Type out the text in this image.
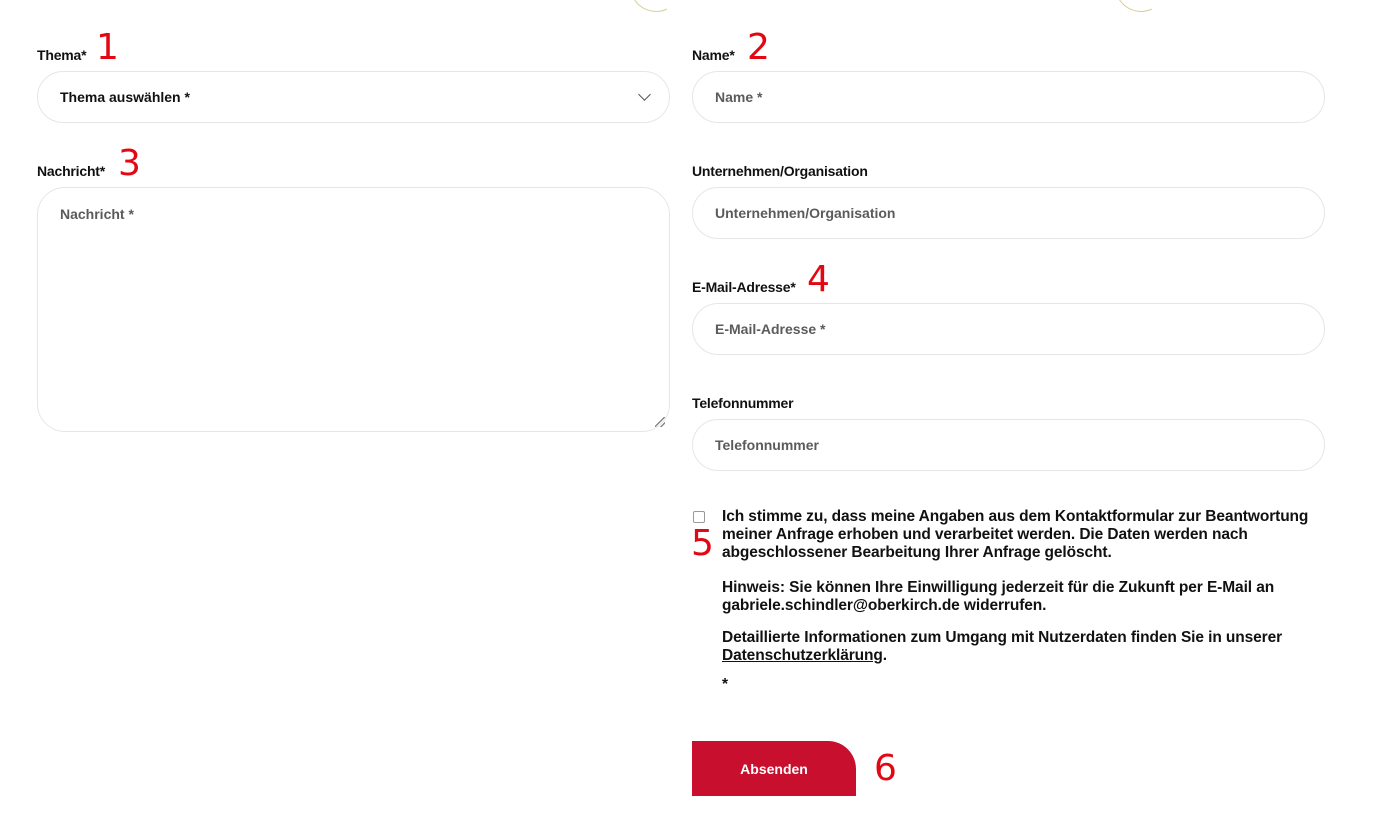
Thema* 1
Thema auswählen *
Name* 2
Name *
Nachricht* 3
Nachricht *
Unternehmen/Organisation
Unternehmen/Organisation
E-Mail-Adresse* 4
E-Mail-Adresse *
Telefonnummer
Telefonnummer
5
Ich stimme zu, dass meine Angaben aus dem Kontaktformular zur Beantwortung meiner Anfrage erhoben und verarbeitet werden. Die Daten werden nach abgeschlossener Bearbeitung Ihrer Anfrage gelöscht.
Hinweis: Sie können Ihre Einwilligung jederzeit für die Zukunft per E-Mail an gabriele.schindler@oberkirch.de widerrufen.
Detaillierte Informationen zum Umgang mit Nutzerdaten finden Sie in unserer Datenschutzerklärung.
*
Absenden 6
